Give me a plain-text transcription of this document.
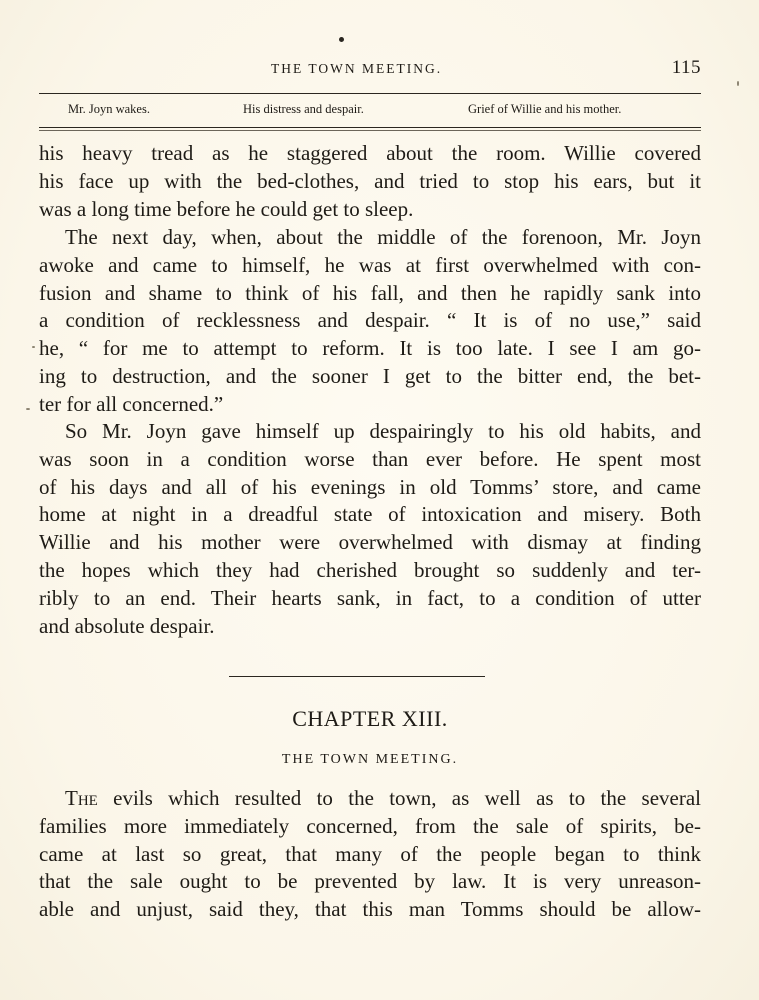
THE TOWN MEETING.	115
Mr. Joyn wakes.	His distress and despair.	Grief of Willie and his mother.
his heavy tread as he staggered about the room. Willie covered
his face up with the bed-clothes, and tried to stop his ears, but it
was a long time before he could get to sleep.
The next day, when, about the middle of the forenoon, Mr. Joyn
awoke and came to himself, he was at first overwhelmed with con-
fusion and shame to think of his fall, and then he rapidly sank into
a condition of recklessness and despair. “ It is of no use,” said
he, “ for me to attempt to reform. It is too late. I see I am go-
ing to destruction, and the sooner I get to the bitter end, the bet-
ter for all concerned.”
So Mr. Joyn gave himself up despairingly to his old habits, and
was soon in a condition worse than ever before. He spent most
of his days and all of his evenings in old Tomms’ store, and came
home at night in a dreadful state of intoxication and misery. Both
Willie and his mother were overwhelmed with dismay at finding
the hopes which they had cherished brought so suddenly and ter-
ribly to an end. Their hearts sank, in fact, to a condition of utter
and absolute despair.
CHAPTER XIII.
THE TOWN MEETING.
The evils which resulted to the town, as well as to the several
families more immediately concerned, from the sale of spirits, be-
came at last so great, that many of the people began to think
that the sale ought to be prevented by law. It is very unreason-
able and unjust, said they, that this man Tomms should be allow-
